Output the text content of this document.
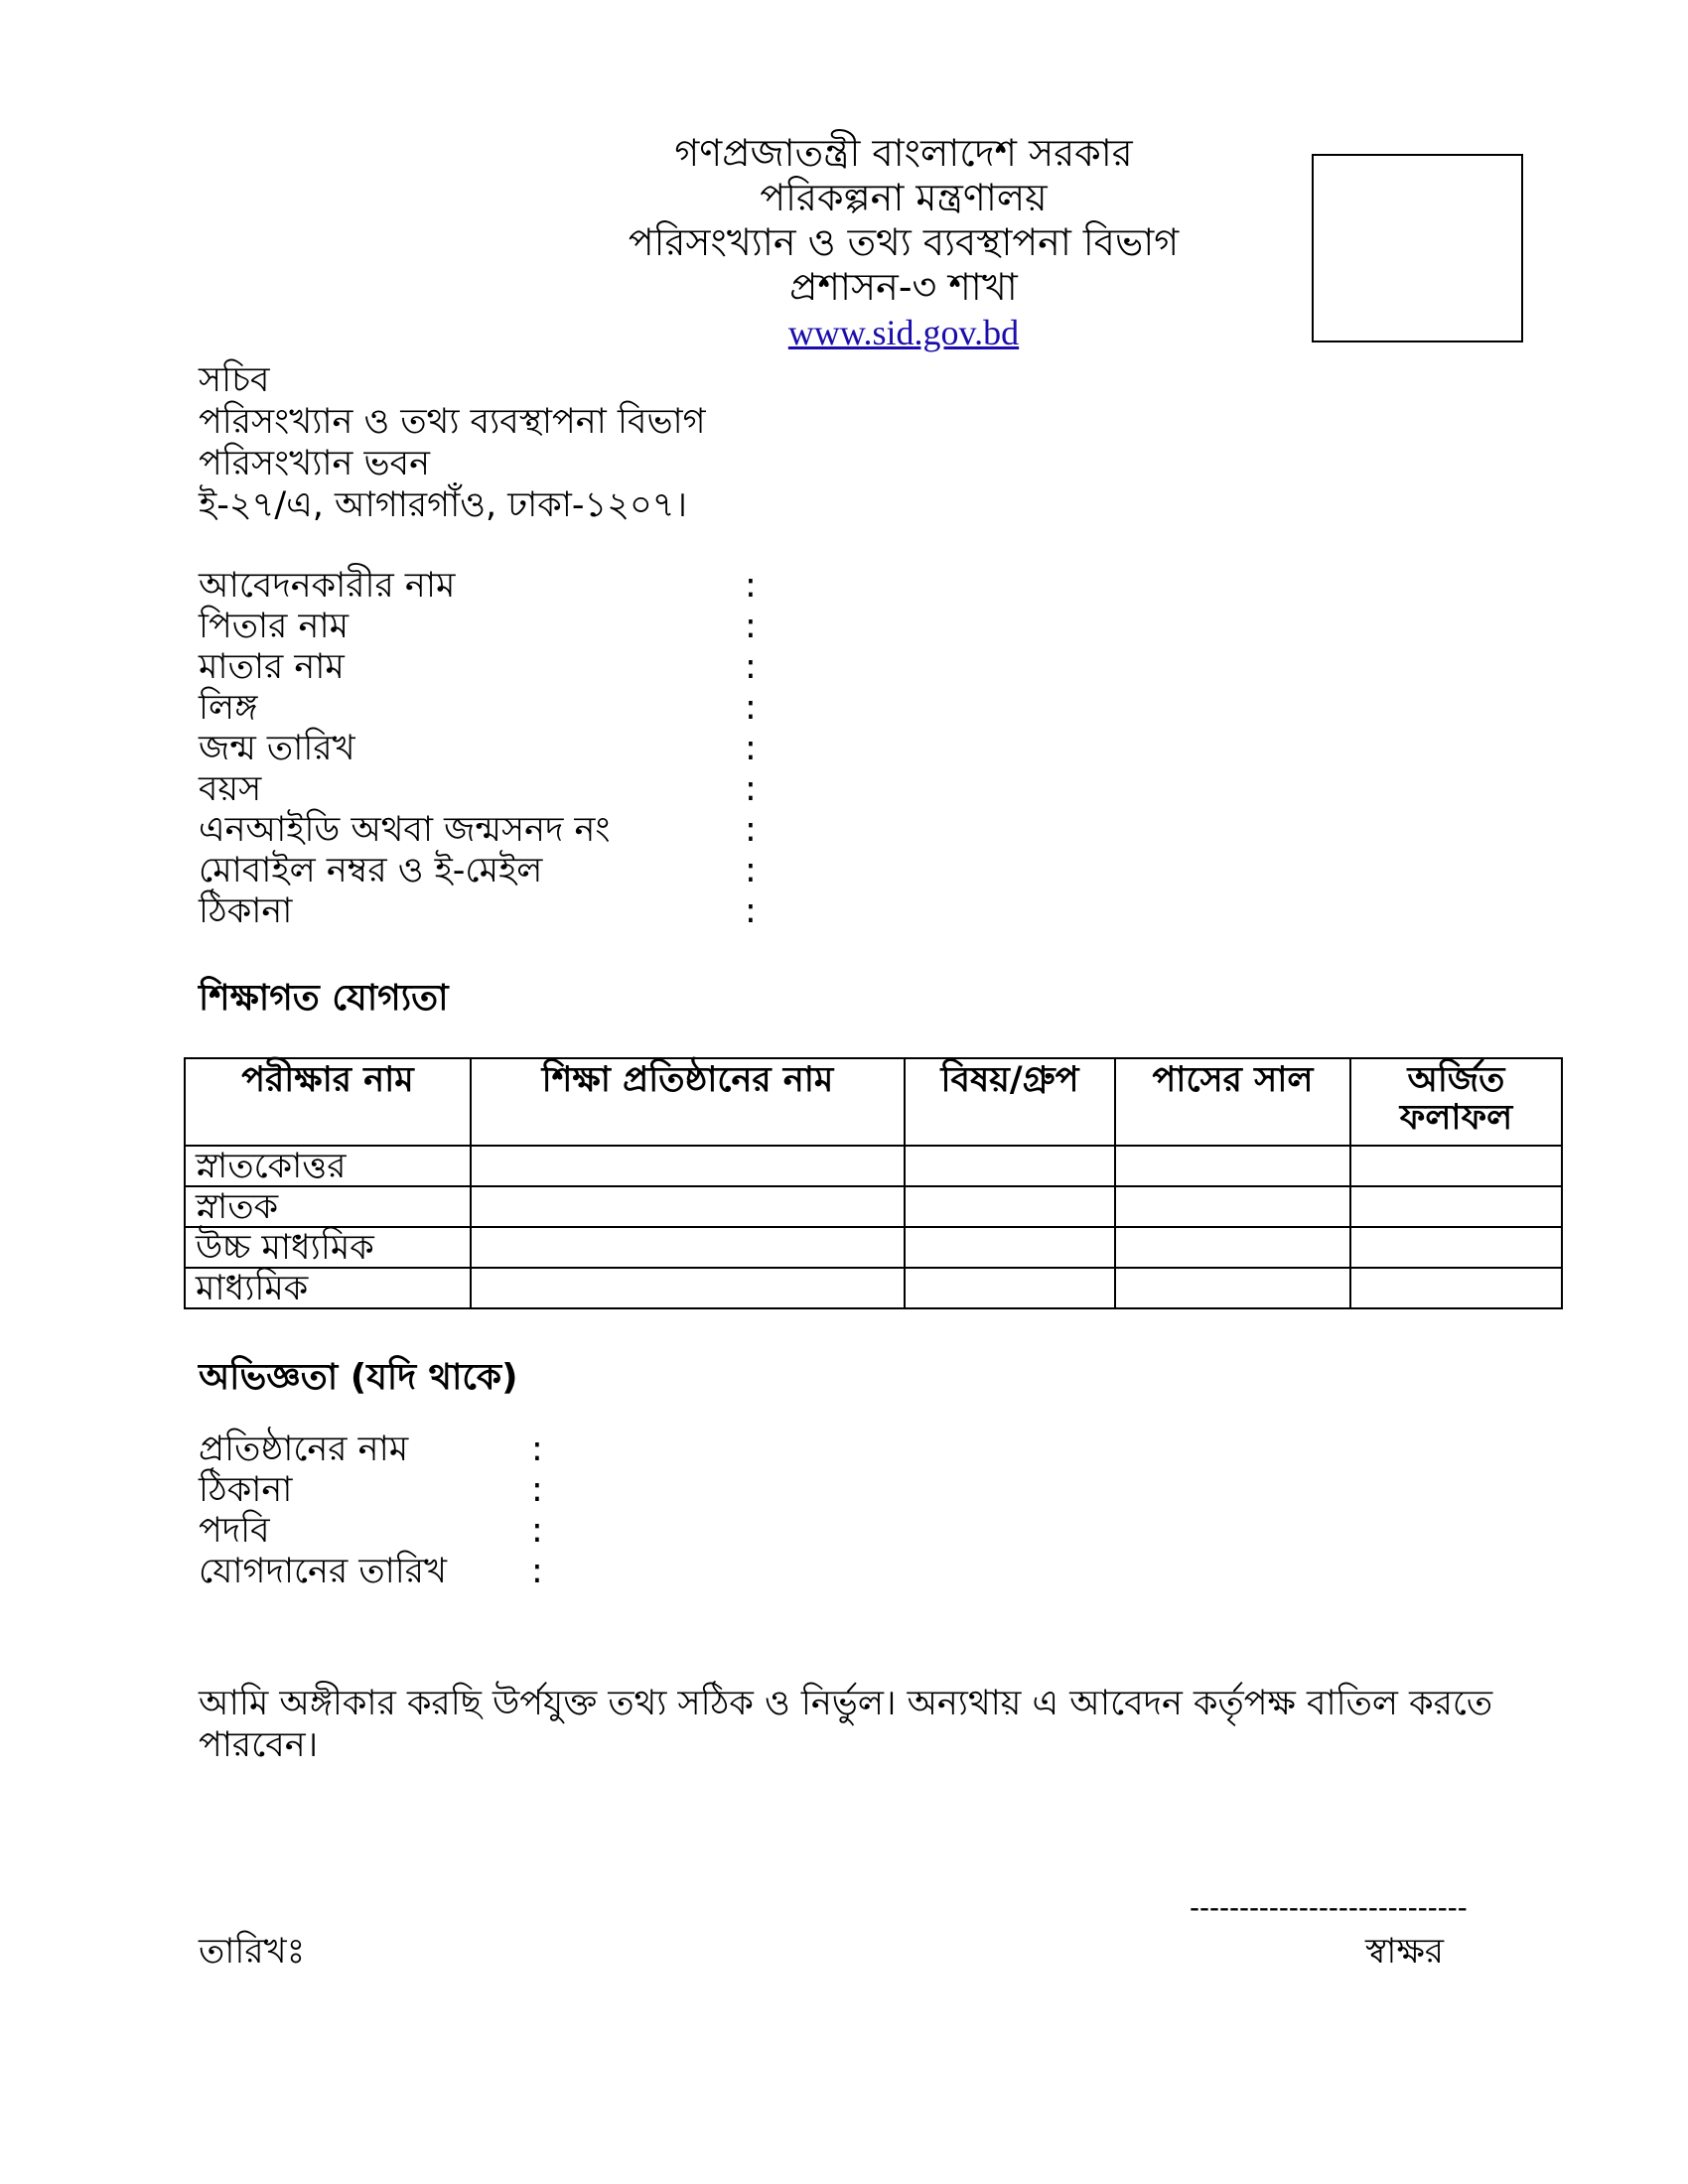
গণপ্রজাতন্ত্রী বাংলাদেশ সরকার
পরিকল্পনা মন্ত্রণালয়
পরিসংখ্যান ও তথ্য ব্যবস্থাপনা বিভাগ
প্রশাসন-৩ শাখা
www.sid.gov.bd
সচিব
পরিসংখ্যান ও তথ্য ব্যবস্থাপনা বিভাগ
পরিসংখ্যান ভবন
ই-২৭/এ, আগারগাঁও, ঢাকা-১২০৭।
আবেদনকারীর নাম	:
পিতার নাম	:
মাতার নাম	:
লিঙ্গ	:
জন্ম তারিখ	:
বয়স	:
এনআইডি অথবা জন্মসনদ নং	:
মোবাইল নম্বর ও ই-মেইল	:
ঠিকানা	:
শিক্ষাগত যোগ্যতা
পরীক্ষার নাম	শিক্ষা প্রতিষ্ঠানের নাম	বিষয়/গ্রুপ	পাসের সাল	অর্জিত ফলাফল
স্নাতকোত্তর				
স্নাতক				
উচ্চ মাধ্যমিক				
মাধ্যমিক				
অভিজ্ঞতা (যদি থাকে)
প্রতিষ্ঠানের নাম	:
ঠিকানা	:
পদবি	:
যোগদানের তারিখ :
আমি অঙ্গীকার করছি উর্পযুক্ত তথ্য সঠিক ও নির্ভুল। অন্যথায় এ আবেদন কর্তৃপক্ষ বাতিল করতে পারবেন।
তারিখঃ
----------------------------
স্বাক্ষর
